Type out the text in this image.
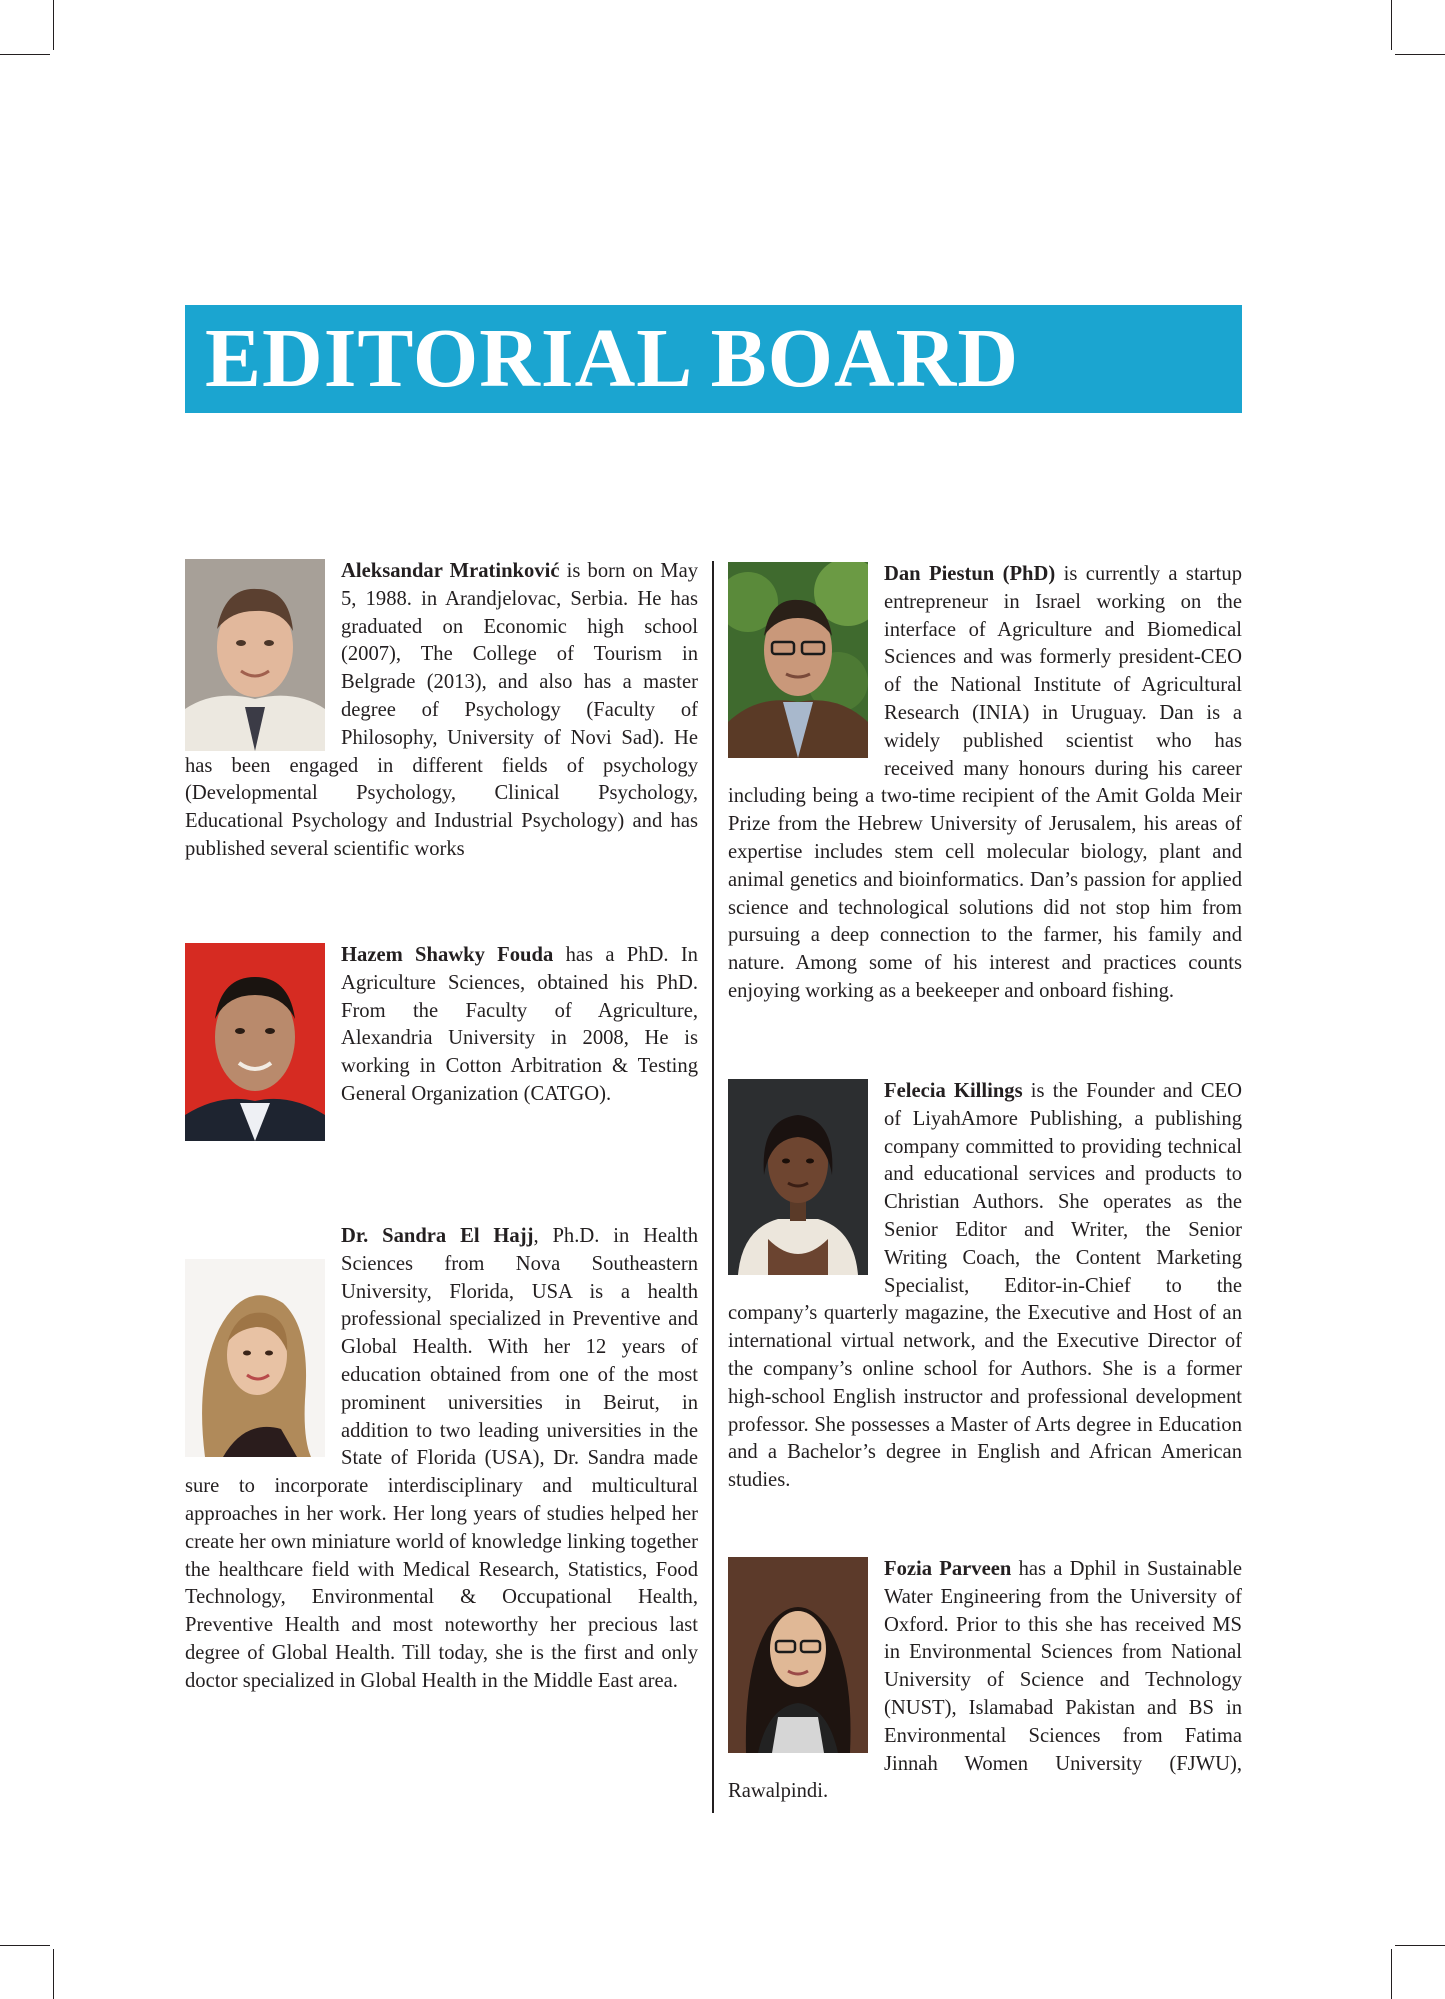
EDITORIAL BOARD

Aleksandar Mratinković is born on May 5, 1988. in Arandjelovac, Serbia. He has graduated on Economic high school (2007), The College of Tourism in Belgrade (2013), and also has a master degree of Psychology (Faculty of Philosophy, University of Novi Sad). He has been engaged in different fields of psychology (Developmental Psychology, Clinical Psychology, Educational Psychology and Industrial Psychology) and has published several scientific works

Hazem Shawky Fouda has a PhD. In Agriculture Sciences, obtained his PhD. From the Faculty of Agriculture, Alexandria University in 2008, He is working in Cotton Arbitration & Testing General Organization (CATGO).

Dr. Sandra El Hajj, Ph.D. in Health Sciences from Nova Southeastern University, Florida, USA is a health professional specialized in Preventive and Global Health. With her 12 years of education obtained from one of the most prominent universities in Beirut, in addition to two leading universities in the State of Florida (USA), Dr. Sandra made sure to incorporate interdisciplinary and multicultural approaches in her work. Her long years of studies helped her create her own miniature world of knowledge linking together the healthcare field with Medical Research, Statistics, Food Technology, Environmental & Occupational Health, Preventive Health and most noteworthy her precious last degree of Global Health. Till today, she is the first and only doctor specialized in Global Health in the Middle East area.

Dan Piestun (PhD) is currently a startup entrepreneur in Israel working on the interface of Agriculture and Biomedical Sciences and was formerly president-CEO of the National Institute of Agricultural Research (INIA) in Uruguay. Dan is a widely published scientist who has received many honours during his career including being a two-time recipient of the Amit Golda Meir Prize from the Hebrew University of Jerusalem, his areas of expertise includes stem cell molecular biology, plant and animal genetics and bioinformatics. Dan’s passion for applied science and technological solutions did not stop him from pursuing a deep connection to the farmer, his family and nature. Among some of his interest and practices counts enjoying working as a beekeeper and onboard fishing.

Felecia Killings is the Founder and CEO of LiyahAmore Publishing, a publishing company committed to providing technical and educational services and products to Christian Authors. She operates as the Senior Editor and Writer, the Senior Writing Coach, the Content Marketing Specialist, Editor-in-Chief to the company’s quarterly magazine, the Executive and Host of an international virtual network, and the Executive Director of the company’s online school for Authors. She is a former high-school English instructor and professional development professor. She possesses a Master of Arts degree in Education and a Bachelor’s degree in English and African American studies.

Fozia Parveen has a Dphil in Sustainable Water Engineering from the University of Oxford. Prior to this she has received MS in Environmental Sciences from National University of Science and Technology (NUST), Islamabad Pakistan and BS in Environmental Sciences from Fatima Jinnah Women University (FJWU), Rawalpindi.
